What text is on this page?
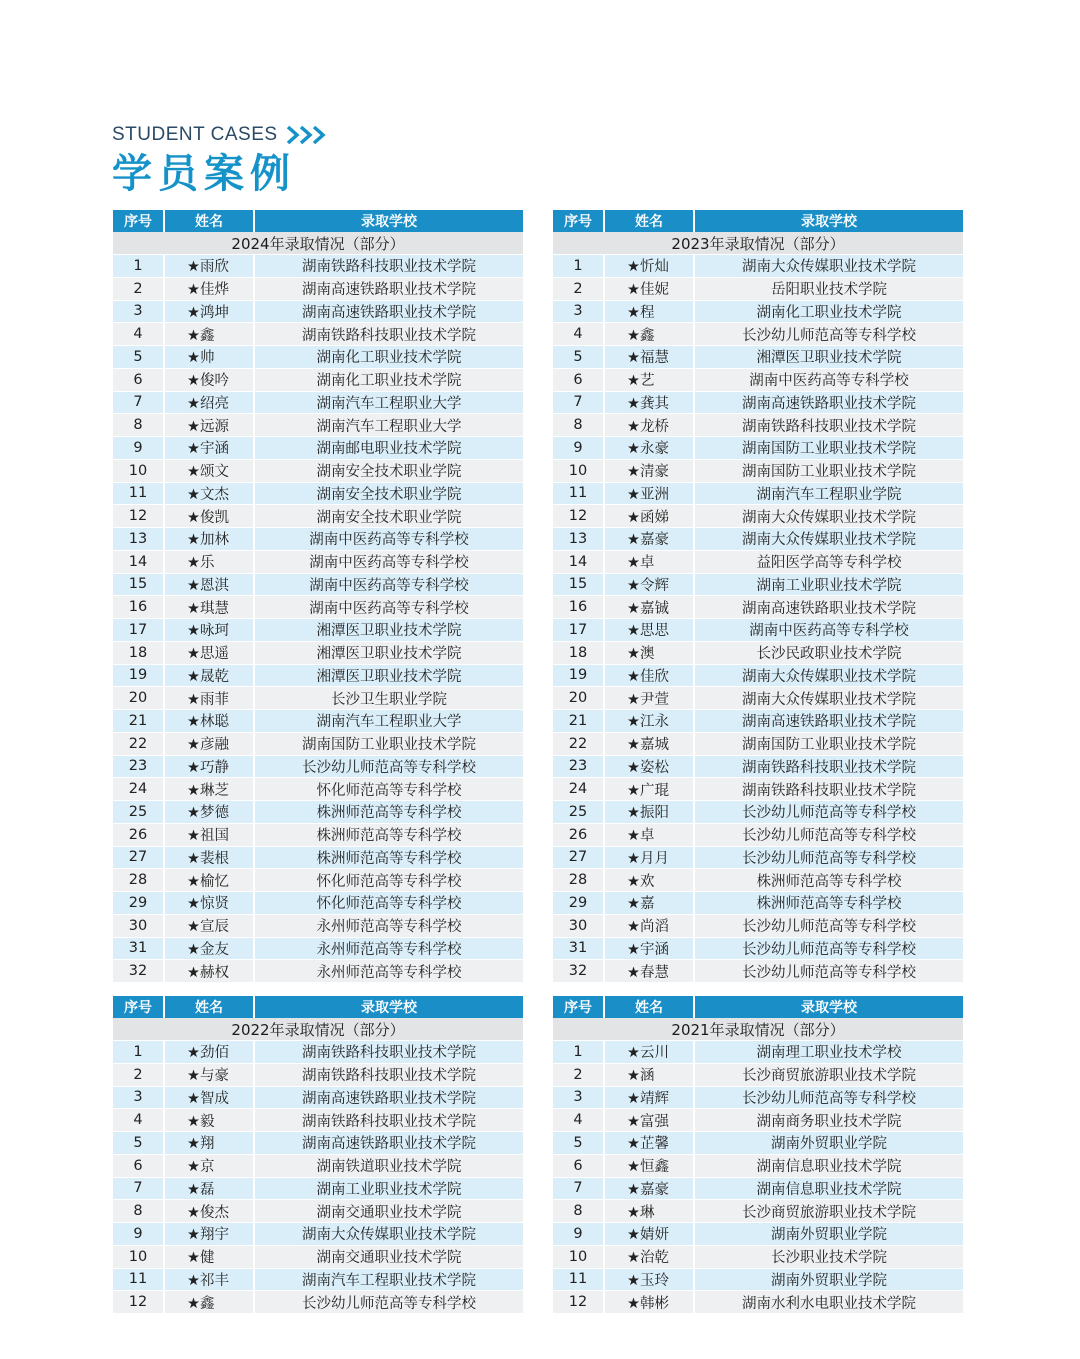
STUDENT CASES
学员案例
序号	姓名	录取学校
2024年录取情况（部分）
1	★雨欣	湖南铁路科技职业技术学院
2	★佳烨	湖南高速铁路职业技术学院
3	★鸿坤	湖南高速铁路职业技术学院
4	★鑫	湖南铁路科技职业技术学院
5	★帅	湖南化工职业技术学院
6	★俊吟	湖南化工职业技术学院
7	★绍亮	湖南汽车工程职业大学
8	★远源	湖南汽车工程职业大学
9	★宇涵	湖南邮电职业技术学院
10	★颂文	湖南安全技术职业学院
11	★文杰	湖南安全技术职业学院
12	★俊凯	湖南安全技术职业学院
13	★加林	湖南中医药高等专科学校
14	★乐	湖南中医药高等专科学校
15	★恩淇	湖南中医药高等专科学校
16	★琪慧	湖南中医药高等专科学校
17	★咏珂	湘潭医卫职业技术学院
18	★思遥	湘潭医卫职业技术学院
19	★晟乾	湘潭医卫职业技术学院
20	★雨菲	长沙卫生职业学院
21	★林聪	湖南汽车工程职业大学
22	★彦融	湖南国防工业职业技术学院
23	★巧静	长沙幼儿师范高等专科学校
24	★琳芝	怀化师范高等专科学校
25	★梦德	株洲师范高等专科学校
26	★祖国	株洲师范高等专科学校
27	★裴根	株洲师范高等专科学校
28	★榆忆	怀化师范高等专科学校
29	★惊贤	怀化师范高等专科学校
30	★宣辰	永州师范高等专科学校
31	★金友	永州师范高等专科学校
32	★赫权	永州师范高等专科学校
序号	姓名	录取学校
2023年录取情况（部分）
1	★忻灿	湖南大众传媒职业技术学院
2	★佳妮	岳阳职业技术学院
3	★程	湖南化工职业技术学院
4	★鑫	长沙幼儿师范高等专科学校
5	★福慧	湘潭医卫职业技术学院
6	★艺	湖南中医药高等专科学校
7	★龚其	湖南高速铁路职业技术学院
8	★龙桥	湖南铁路科技职业技术学院
9	★永豪	湖南国防工业职业技术学院
10	★清豪	湖南国防工业职业技术学院
11	★亚洲	湖南汽车工程职业学院
12	★函娣	湖南大众传媒职业技术学院
13	★嘉豪	湖南大众传媒职业技术学院
14	★卓	益阳医学高等专科学校
15	★令辉	湖南工业职业技术学院
16	★嘉铖	湖南高速铁路职业技术学院
17	★思思	湖南中医药高等专科学校
18	★澳	长沙民政职业技术学院
19	★佳欣	湖南大众传媒职业技术学院
20	★尹萱	湖南大众传媒职业技术学院
21	★江永	湖南高速铁路职业技术学院
22	★嘉城	湖南国防工业职业技术学院
23	★姿松	湖南铁路科技职业技术学院
24	★广琨	湖南铁路科技职业技术学院
25	★振阳	长沙幼儿师范高等专科学校
26	★卓	长沙幼儿师范高等专科学校
27	★月月	长沙幼儿师范高等专科学校
28	★欢	株洲师范高等专科学校
29	★嘉	株洲师范高等专科学校
30	★尚滔	长沙幼儿师范高等专科学校
31	★宇涵	长沙幼儿师范高等专科学校
32	★春慧	长沙幼儿师范高等专科学校
序号	姓名	录取学校
2022年录取情况（部分）
1	★劲佰	湖南铁路科技职业技术学院
2	★与豪	湖南铁路科技职业技术学院
3	★智成	湖南高速铁路职业技术学院
4	★毅	湖南铁路科技职业技术学院
5	★翔	湖南高速铁路职业技术学院
6	★京	湖南铁道职业技术学院
7	★磊	湖南工业职业技术学院
8	★俊杰	湖南交通职业技术学院
9	★翔宇	湖南大众传媒职业技术学院
10	★健	湖南交通职业技术学院
11	★祁丰	湖南汽车工程职业技术学院
12	★鑫	长沙幼儿师范高等专科学校
序号	姓名	录取学校
2021年录取情况（部分）
1	★云川	湖南理工职业技术学校
2	★涵	长沙商贸旅游职业技术学院
3	★靖辉	长沙幼儿师范高等专科学校
4	★富强	湖南商务职业技术学院
5	★芷馨	湖南外贸职业学院
6	★恒鑫	湖南信息职业技术学院
7	★嘉豪	湖南信息职业技术学院
8	★琳	长沙商贸旅游职业技术学院
9	★婧妍	湖南外贸职业学院
10	★治乾	长沙职业技术学院
11	★玉玲	湖南外贸职业学院
12	★韩彬	湖南水利水电职业技术学院
